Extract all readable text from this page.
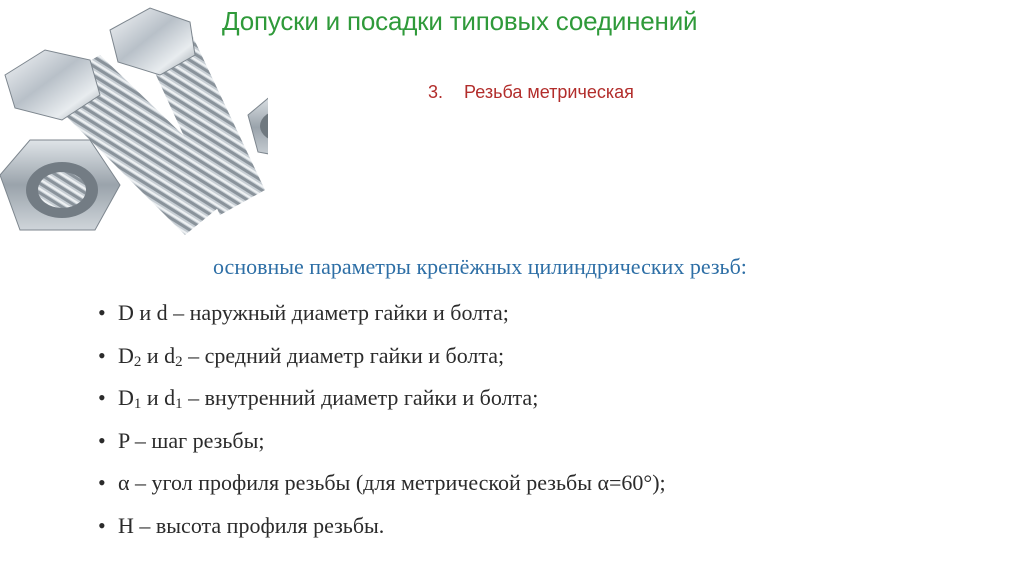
Допуски и посадки типовых соединений
3. Резьба метрическая
основные параметры крепёжных цилиндрических резьб:
• D и d – наружный диаметр гайки и болта;
• $D_2$ и $d_2$ – средний диаметр гайки и болта;
• $D_1$ и $d_1$ – внутренний диаметр гайки и болта;
• P – шаг резьбы;
• α – угол профиля резьбы (для метрической резьбы α=60°);
• H – высота профиля резьбы.
